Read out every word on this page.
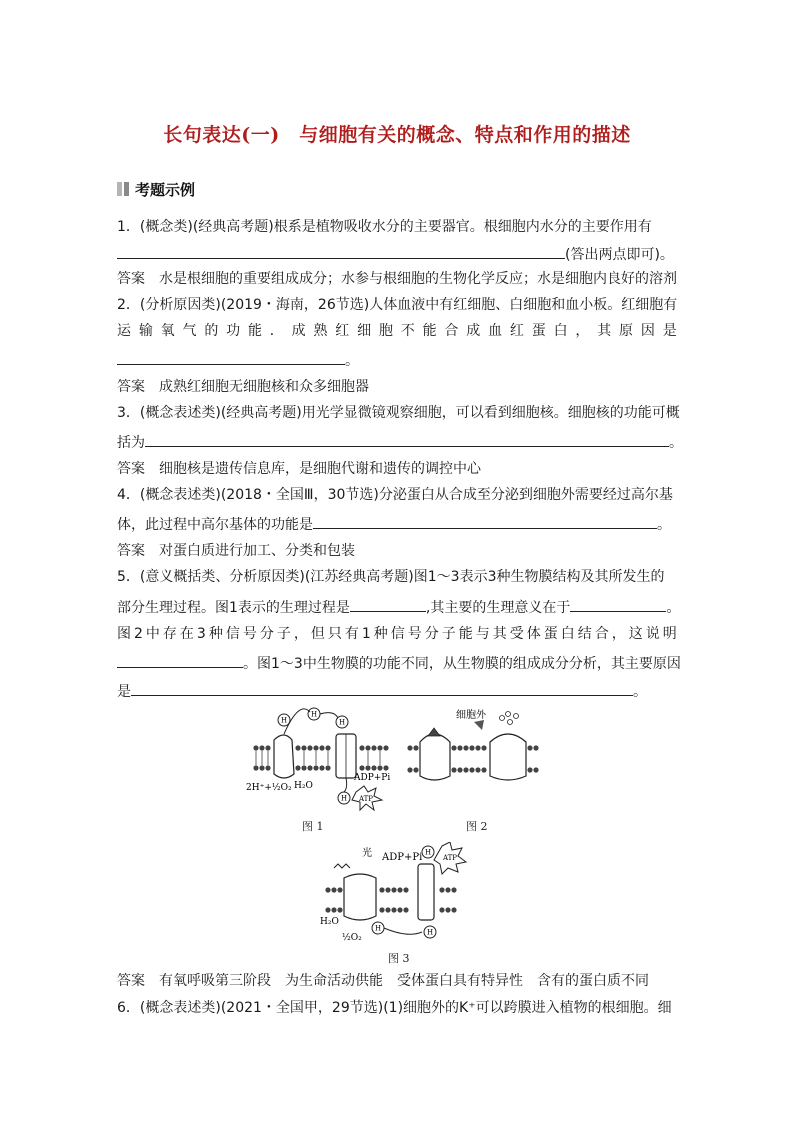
长句表达(一)　与细胞有关的概念、特点和作用的描述
考题示例
1．(概念类)(经典高考题)根系是植物吸收水分的主要器官。根细胞内水分的主要作用有
(答出两点即可)。
答案 水是根细胞的重要组成成分；水参与根细胞的生物化学反应；水是细胞内良好的溶剂
2．(分析原因类)(2019・海南，26节选)人体血液中有红细胞、白细胞和血小板。红细胞有
运 输 氧 气 的 功 能 ． 成 熟 红 细 胞 不 能 合 成 血 红 蛋 白 ， 其 原 因 是
。
答案 成熟红细胞无细胞核和众多细胞器
3．(概念表述类)(经典高考题)用光学显微镜观察细胞，可以看到细胞核。细胞核的功能可概
括为	。
答案 细胞核是遗传信息库，是细胞代谢和遗传的调控中心
4．(概念表述类)(2018・全国Ⅲ，30节选)分泌蛋白从合成至分泌到细胞外需要经过高尔基
体，此过程中高尔基体的功能是	。
答案 对蛋白质进行加工、分类和包装
5．(意义概括类、分析原因类)(江苏经典高考题)图1～3表示3种生物膜结构及其所发生的
部分生理过程。图1表示的生理过程是	,其主要的生理意义在于	。
图 2 中 存 在 3 种 信 号 分 子 ， 但 只 有 1 种 信 号 分 子 能 与 其 受 体 蛋 白 结 合 ， 这 说 明
。图1～3中生物膜的功能不同，从生物膜的组成成分分析，其主要原因
是	。
H
H
H
H ATP
2H⁺+½O₂ H₂O
ADP+Pi
图 1
细胞外
图 2
H
H	H
ATP
光 ADP+Pi
H₂O
½O₂
图 3
答案 有氧呼吸第三阶段　为生命活动供能　受体蛋白具有特异性　含有的蛋白质不同
6．(概念表述类)(2021・全国甲，29节选)(1)细胞外的K⁺可以跨膜进入植物的根细胞。细
